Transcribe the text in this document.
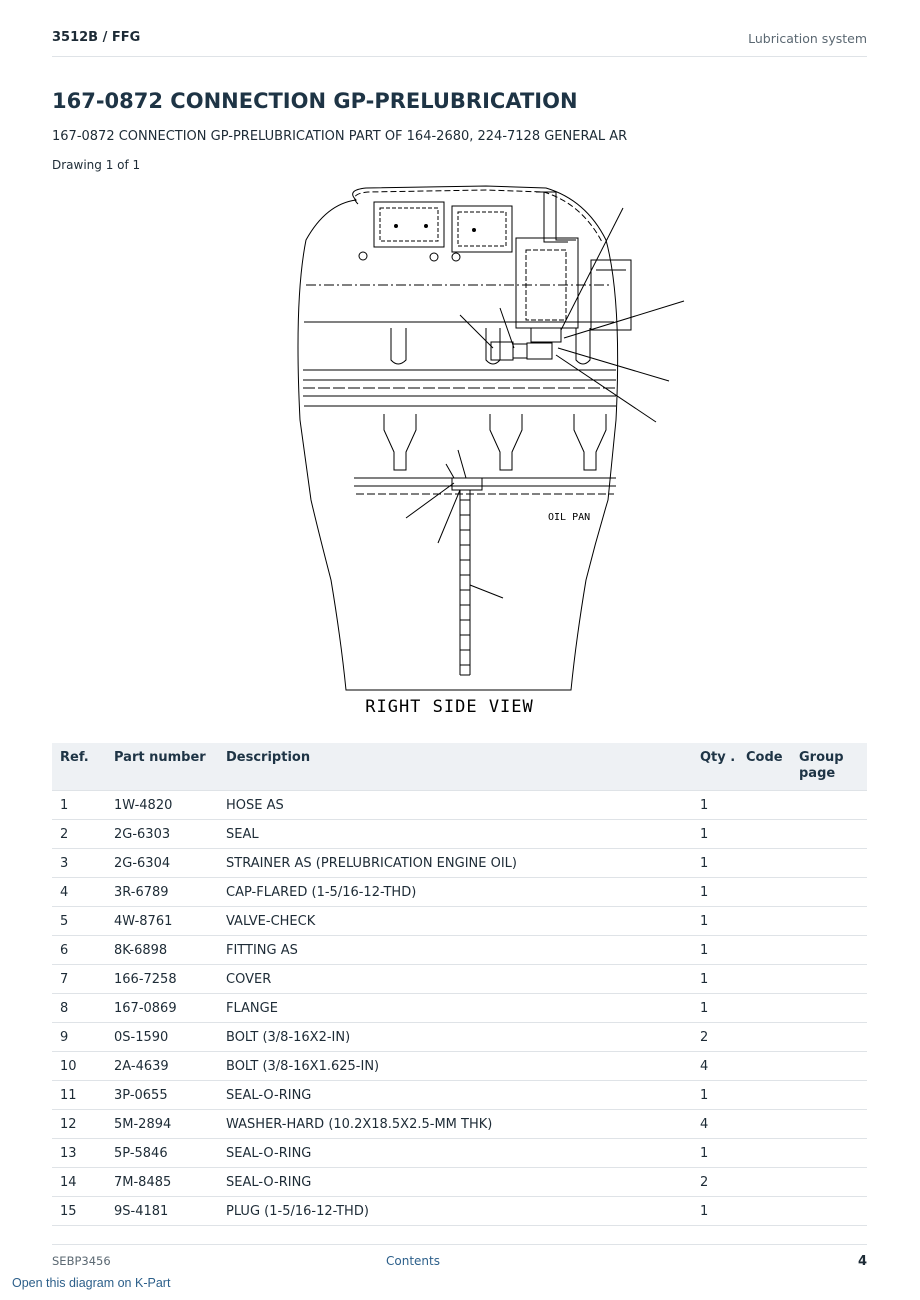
3512B / FFG	Lubrication system
167-0872 CONNECTION GP-PRELUBRICATION
167-0872 CONNECTION GP-PRELUBRICATION PART OF 164-2680, 224-7128 GENERAL AR
Drawing 1 of 1
OIL PAN
RIGHT SIDE VIEW
Ref.	Part number	Description	Qty .	Code	Group page
1	1W-4820	HOSE AS	1		
2	2G-6303	SEAL	1		
3	2G-6304	STRAINER AS (PRELUBRICATION ENGINE OIL)	1		
4	3R-6789	CAP-FLARED (1-5/16-12-THD)	1		
5	4W-8761	VALVE-CHECK	1		
6	8K-6898	FITTING AS	1		
7	166-7258	COVER	1		
8	167-0869	FLANGE	1		
9	0S-1590	BOLT (3/8-16X2-IN)	2		
10	2A-4639	BOLT (3/8-16X1.625-IN)	4		
11	3P-0655	SEAL-O-RING	1		
12	5M-2894	WASHER-HARD (10.2X18.5X2.5-MM THK)	4		
13	5P-5846	SEAL-O-RING	1		
14	7M-8485	SEAL-O-RING	2		
15	9S-4181	PLUG (1-5/16-12-THD)	1		
SEBP3456	Contents	4
Open this diagram on K-Part
